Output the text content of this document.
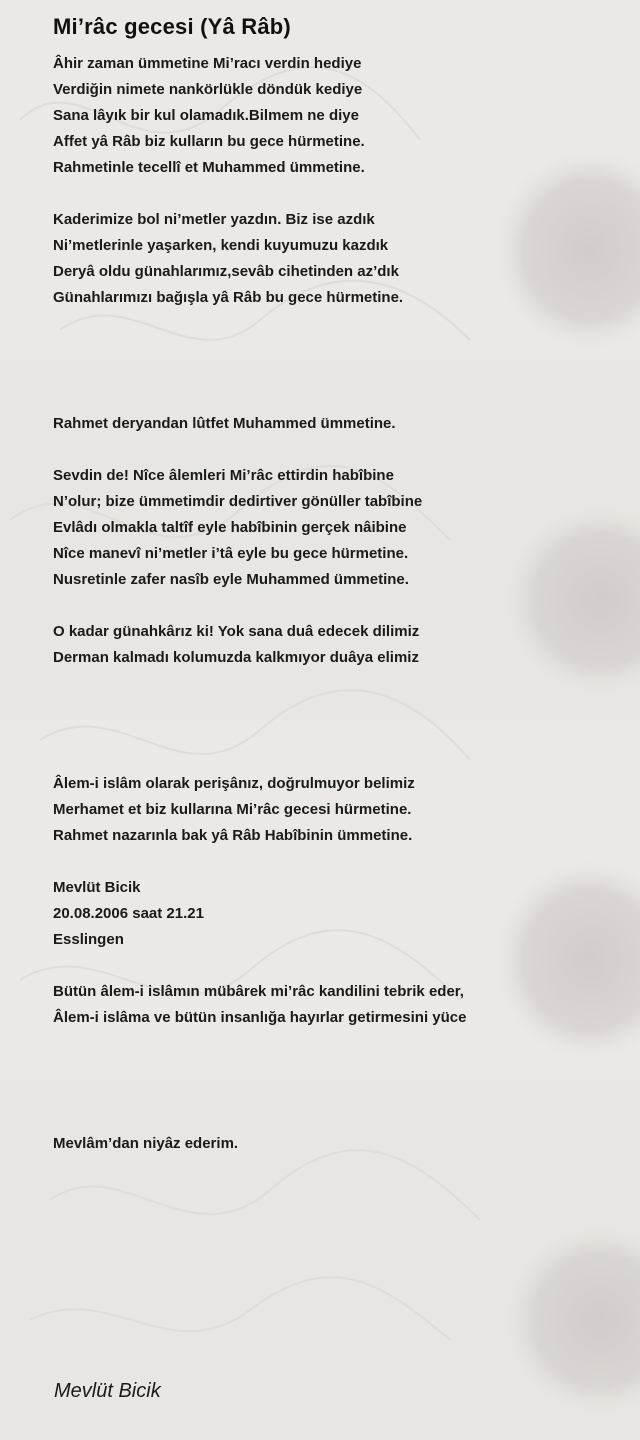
Mi’râc gecesi (Yâ Râb)
Âhir zaman ümmetine Mi’racı verdin hediye
Verdiğin nimete nankörlükle döndük kediye
Sana lâyık bir kul olamadık.Bilmem ne diye
Affet yâ Râb biz kulların bu gece hürmetine.
Rahmetinle tecellî et Muhammed ümmetine.
Kaderimize bol ni’metler yazdın. Biz ise azdık
Ni’metlerinle yaşarken, kendi kuyumuzu kazdık
Deryâ oldu günahlarımız,sevâb cihetinden az’dık
Günahlarımızı bağışla yâ Râb bu gece hürmetine.
Rahmet deryandan lûtfet Muhammed ümmetine.
Sevdin de! Nîce âlemleri Mi’râc ettirdin habîbine
N’olur; bize ümmetimdir dedirtiver gönüller tabîbine
Evlâdı olmakla taltîf eyle habîbinin gerçek nâibine
Nîce manevî ni’metler i’tâ eyle bu gece hürmetine.
Nusretinle zafer nasîb eyle Muhammed ümmetine.
O kadar günahkârız ki! Yok sana duâ edecek dilimiz
Derman kalmadı kolumuzda kalkmıyor duâya elimiz
Âlem-i islâm olarak perişânız, doğrulmuyor belimiz
Merhamet et biz kullarına Mi’râc gecesi hürmetine.
Rahmet nazarınla bak yâ Râb Habîbinin ümmetine.
Mevlüt Bicik
20.08.2006 saat 21.21
Esslingen
Bütün âlem-i islâmın mübârek mi’râc kandilini tebrik eder,
Âlem-i islâma ve bütün insanlığa hayırlar getirmesini yüce
Mevlâm’dan niyâz ederim.
Mevlüt Bicik
